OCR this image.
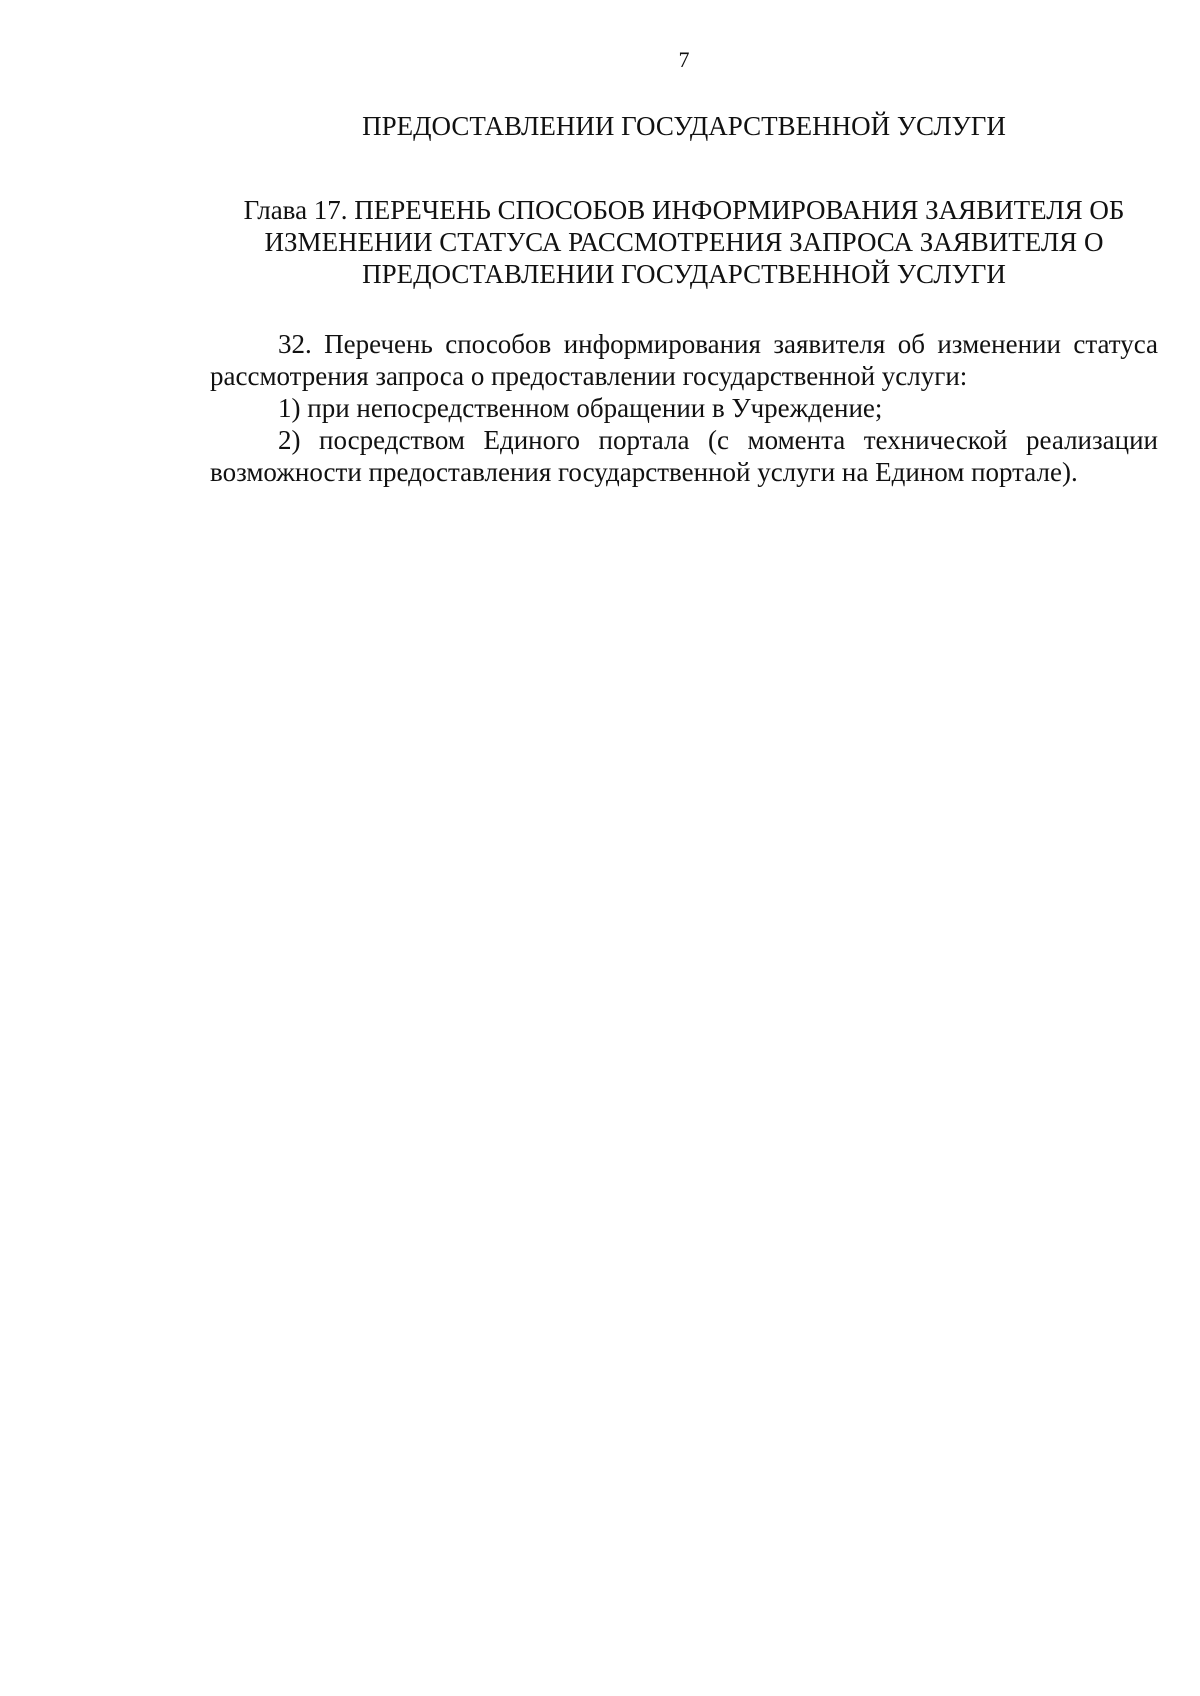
7
ПРЕДОСТАВЛЕНИИ ГОСУДАРСТВЕННОЙ УСЛУГИ
Глава 17. ПЕРЕЧЕНЬ СПОСОБОВ ИНФОРМИРОВАНИЯ ЗАЯВИТЕЛЯ ОБ
ИЗМЕНЕНИИ СТАТУСА РАССМОТРЕНИЯ ЗАПРОСА ЗАЯВИТЕЛЯ О
ПРЕДОСТАВЛЕНИИ ГОСУДАРСТВЕННОЙ УСЛУГИ

32. Перечень способов информирования заявителя об изменении статуса рассмотрения запроса о предоставлении государственной услуги:

1) при непосредственном обращении в Учреждение;

2) посредством Единого портала (с момента технической реализации возможности предоставления государственной услуги на Едином портале).
